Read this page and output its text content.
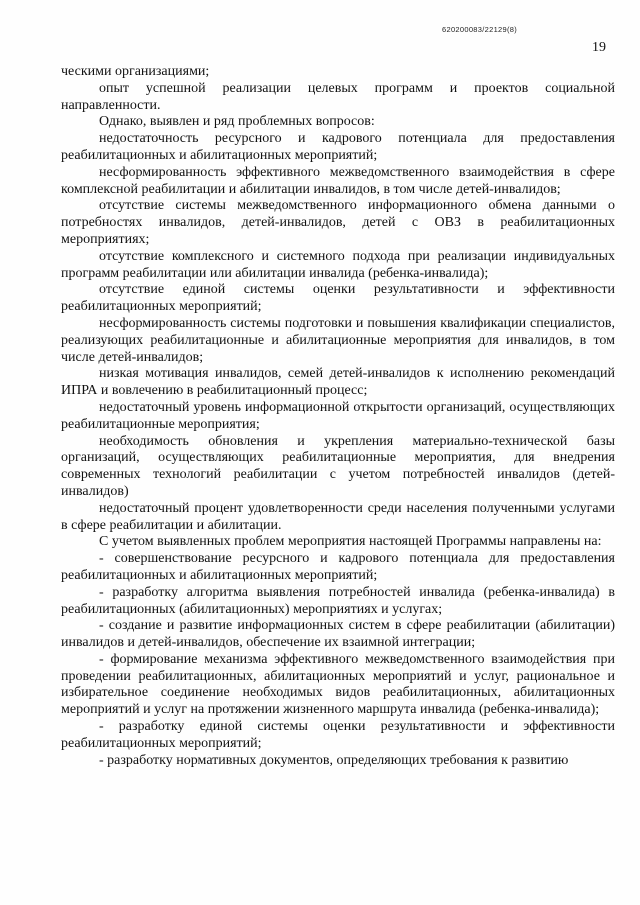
620200083/22129(8)
19

ческими организациями;

опыт успешной реализации целевых программ и проектов социальной направленности.

Однако, выявлен и ряд проблемных вопросов:

недостаточность ресурсного и кадрового потенциала для предоставления реабилитационных и абилитационных мероприятий;

несформированность эффективного межведомственного взаимодействия в сфере комплексной реабилитации и абилитации инвалидов, в том числе детей-инвалидов;

отсутствие системы межведомственного информационного обмена данными о потребностях инвалидов, детей-инвалидов, детей с ОВЗ в реабилитационных мероприятиях;

отсутствие комплексного и системного подхода при реализации индивидуальных программ реабилитации или абилитации инвалида (ребенка-инвалида);

отсутствие единой системы оценки результативности и эффективности реабилитационных мероприятий;

несформированность системы подготовки и повышения квалификации специалистов, реализующих реабилитационные и абилитационные мероприятия для инвалидов, в том числе детей-инвалидов;

низкая мотивация инвалидов, семей детей-инвалидов к исполнению рекомендаций ИПРА и вовлечению в реабилитационный процесс;

недостаточный уровень информационной открытости организаций, осуществляющих реабилитационные мероприятия;

необходимость обновления и укрепления материально-технической базы организаций, осуществляющих реабилитационные мероприятия, для внедрения современных технологий реабилитации с учетом потребностей инвалидов (детей-инвалидов)

недостаточный процент удовлетворенности среди населения полученными услугами в сфере реабилитации и абилитации.

С учетом выявленных проблем мероприятия настоящей Программы направлены на:

- совершенствование ресурсного и кадрового потенциала для предоставления реабилитационных и абилитационных мероприятий;

- разработку алгоритма выявления потребностей инвалида (ребенка-инвалида) в реабилитационных (абилитационных) мероприятиях и услугах;

- создание и развитие информационных систем в сфере реабилитации (абилитации) инвалидов и детей-инвалидов, обеспечение их взаимной интеграции;

- формирование механизма эффективного межведомственного взаимодействия при проведении реабилитационных, абилитационных мероприятий и услуг, рациональное и избирательное соединение необходимых видов реабилитационных, абилитационных мероприятий и услуг на протяжении жизненного маршрута инвалида (ребенка-инвалида);

- разработку единой системы оценки результативности и эффективности реабилитационных мероприятий;

- разработку нормативных документов, определяющих требования к развитию
